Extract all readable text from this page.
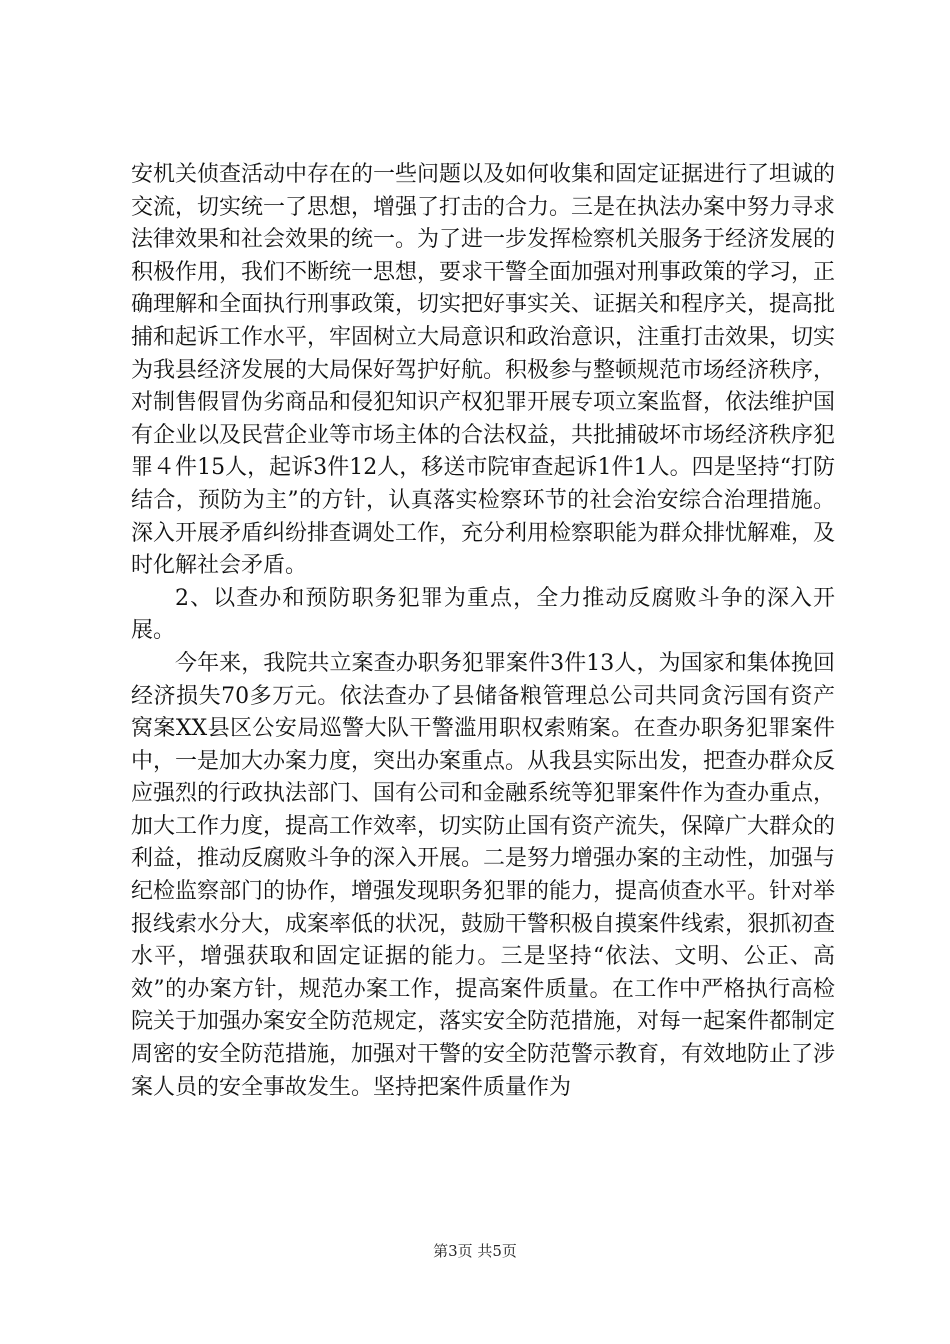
安机关侦查活动中存在的一些问题以及如何收集和固定证据进行了坦诚的交流，切实统一了思想，增强了打击的合力。三是在执法办案中努力寻求法律效果和社会效果的统一。为了进一步发挥检察机关服务于经济发展的积极作用，我们不断统一思想，要求干警全面加强对刑事政策的学习，正确理解和全面执行刑事政策，切实把好事实关、证据关和程序关，提高批捕和起诉工作水平，牢固树立大局意识和政治意识，注重打击效果，切实为我县经济发展的大局保好驾护好航。积极参与整顿规范市场经济秩序，对制售假冒伪劣商品和侵犯知识产权犯罪开展专项立案监督，依法维护国有企业以及民营企业等市场主体的合法权益，共批捕破坏市场经济秩序犯罪４件15人，起诉3件12人，移送市院审查起诉1件1人。四是坚持“打防结合，预防为主”的方针，认真落实检察环节的社会治安综合治理措施。深入开展矛盾纠纷排查调处工作，充分利用检察职能为群众排忧解难，及时化解社会矛盾。

2、以查办和预防职务犯罪为重点，全力推动反腐败斗争的深入开展。

今年来，我院共立案查办职务犯罪案件3件13人，为国家和集体挽回经济损失70多万元。依法查办了县储备粮管理总公司共同贪污国有资产窝案XX县区公安局巡警大队干警滥用职权索贿案。在查办职务犯罪案件中，一是加大办案力度，突出办案重点。从我县实际出发，把查办群众反应强烈的行政执法部门、国有公司和金融系统等犯罪案件作为查办重点，加大工作力度，提高工作效率，切实防止国有资产流失，保障广大群众的利益，推动反腐败斗争的深入开展。二是努力增强办案的主动性，加强与纪检监察部门的协作，增强发现职务犯罪的能力，提高侦查水平。针对举报线索水分大，成案率低的状况，鼓励干警积极自摸案件线索，狠抓初查水平，增强获取和固定证据的能力。三是坚持“依法、文明、公正、高效”的办案方针，规范办案工作，提高案件质量。在工作中严格执行高检院关于加强办案安全防范规定，落实安全防范措施，对每一起案件都制定周密的安全防范措施，加强对干警的安全防范警示教育，有效地防止了涉案人员的安全事故发生。坚持把案件质量作为

第3页 共5页
